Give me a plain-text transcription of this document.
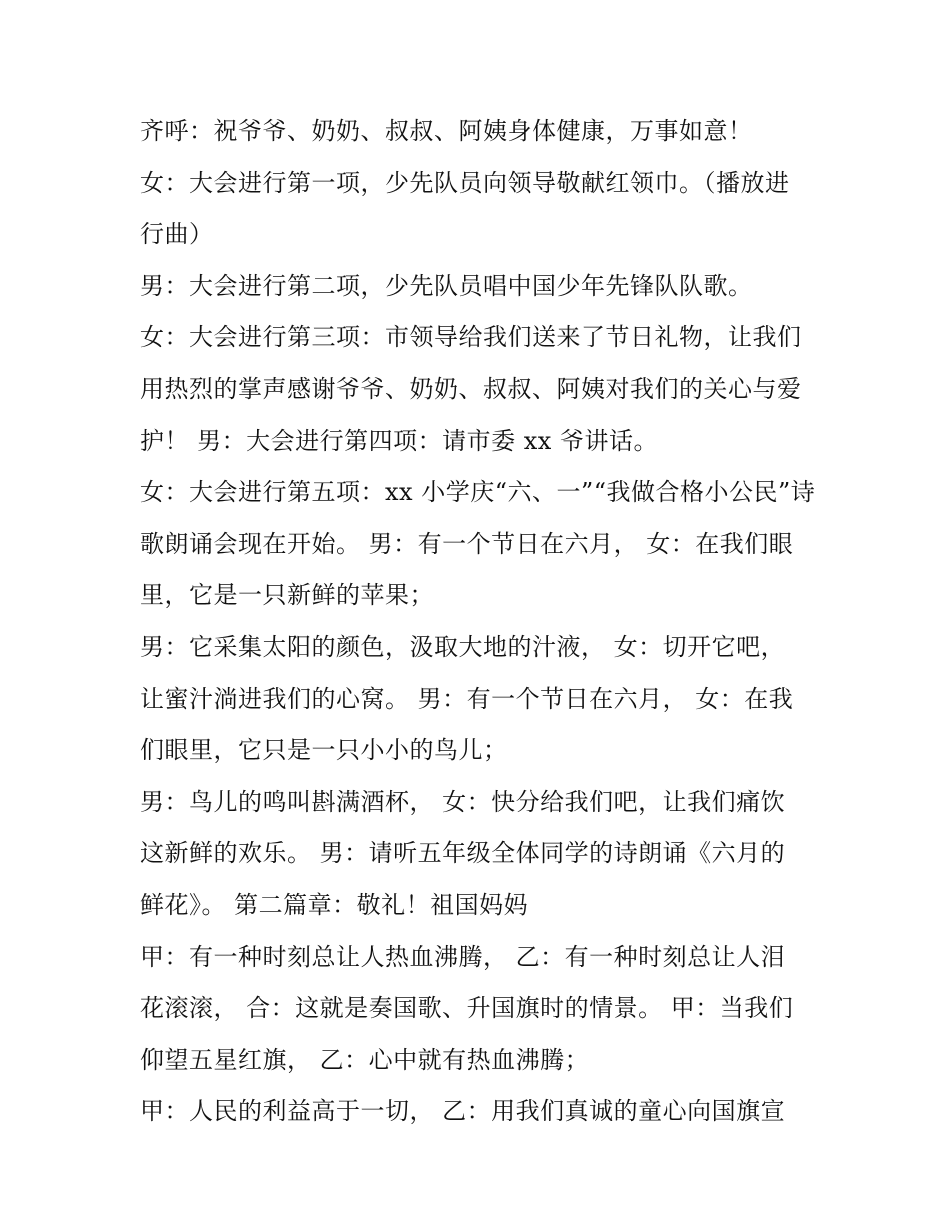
齐呼：祝爷爷、奶奶、叔叔、阿姨身体健康，万事如意！
女：大会进行第一项，少先队员向领导敬献红领巾。（播放进
行曲）
男：大会进行第二项，少先队员唱中国少年先锋队队歌。
女：大会进行第三项：市领导给我们送来了节日礼物，让我们
用热烈的掌声感谢爷爷、奶奶、叔叔、阿姨对我们的关心与爱
护！ 男：大会进行第四项：请市委 xx 爷讲话。
女：大会进行第五项：xx 小学庆“六、一”“我做合格小公民”诗
歌朗诵会现在开始。 男：有一个节日在六月， 女：在我们眼
里，它是一只新鲜的苹果；
男：它采集太阳的颜色，汲取大地的汁液， 女：切开它吧，
让蜜汁淌进我们的心窝。 男：有一个节日在六月， 女：在我
们眼里，它只是一只小小的鸟儿；
男：鸟儿的鸣叫斟满酒杯， 女：快分给我们吧，让我们痛饮
这新鲜的欢乐。 男：请听五年级全体同学的诗朗诵《六月的
鲜花》。 第二篇章：敬礼！祖国妈妈
甲：有一种时刻总让人热血沸腾， 乙：有一种时刻总让人泪
花滚滚， 合：这就是奏国歌、升国旗时的情景。 甲：当我们
仰望五星红旗， 乙：心中就有热血沸腾；
甲：人民的利益高于一切， 乙：用我们真诚的童心向国旗宣
